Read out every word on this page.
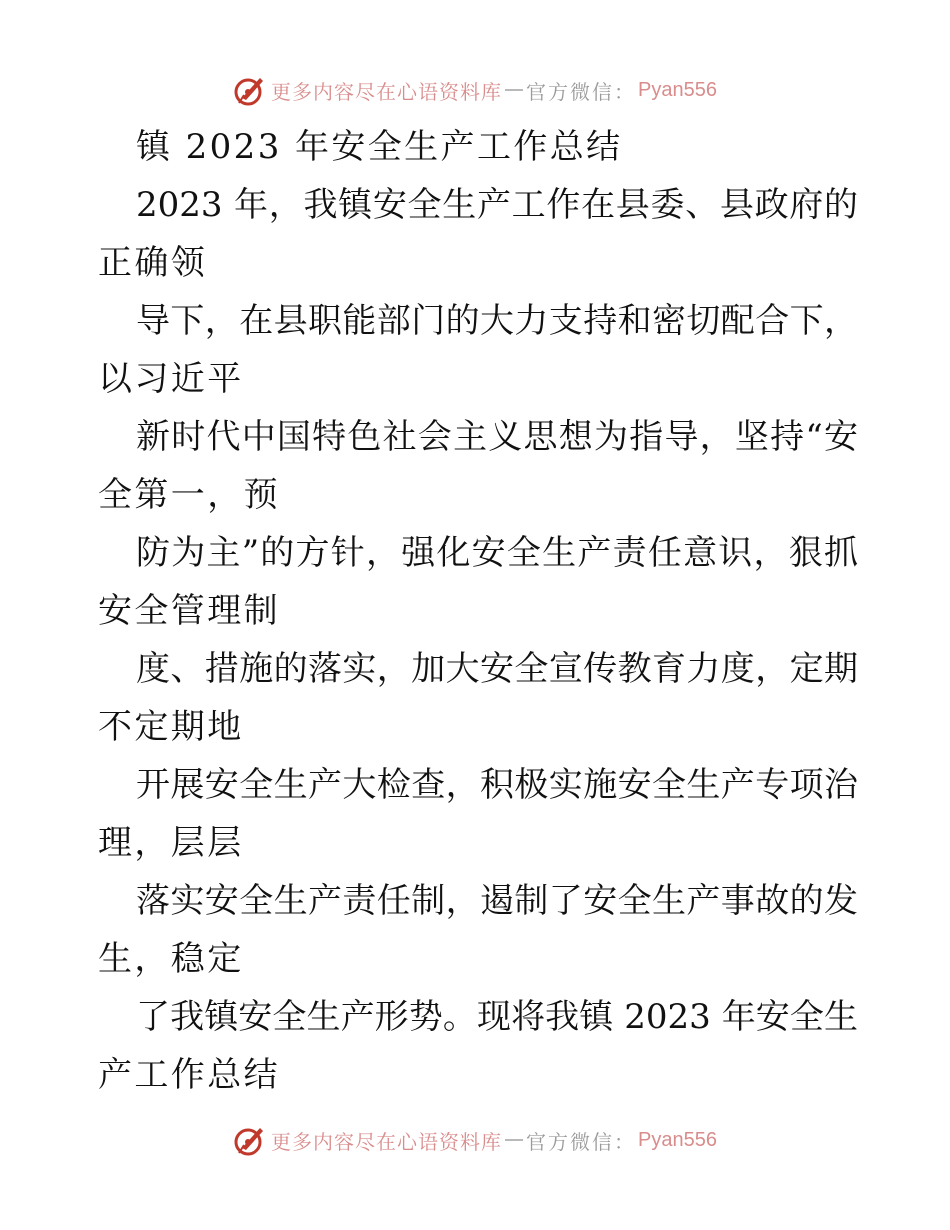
更多内容尽在心语资料库 官方微信： Pyan556
镇 2023 年安全生产工作总结
2023 年，我镇安全生产工作在县委、县政府的
正确领
导下，在县职能部门的大力支持和密切配合下，
以习近平
新时代中国特色社会主义思想为指导，坚持“安
全第一，预
防为主”的方针，强化安全生产责任意识，狠抓
安全管理制
度、措施的落实，加大安全宣传教育力度，定期
不定期地
开展安全生产大检查，积极实施安全生产专项治
理，层层
落实安全生产责任制，遏制了安全生产事故的发
生，稳定
了我镇安全生产形势。现将我镇 2023 年安全生
产工作总结
更多内容尽在心语资料库 官方微信： Pyan556
